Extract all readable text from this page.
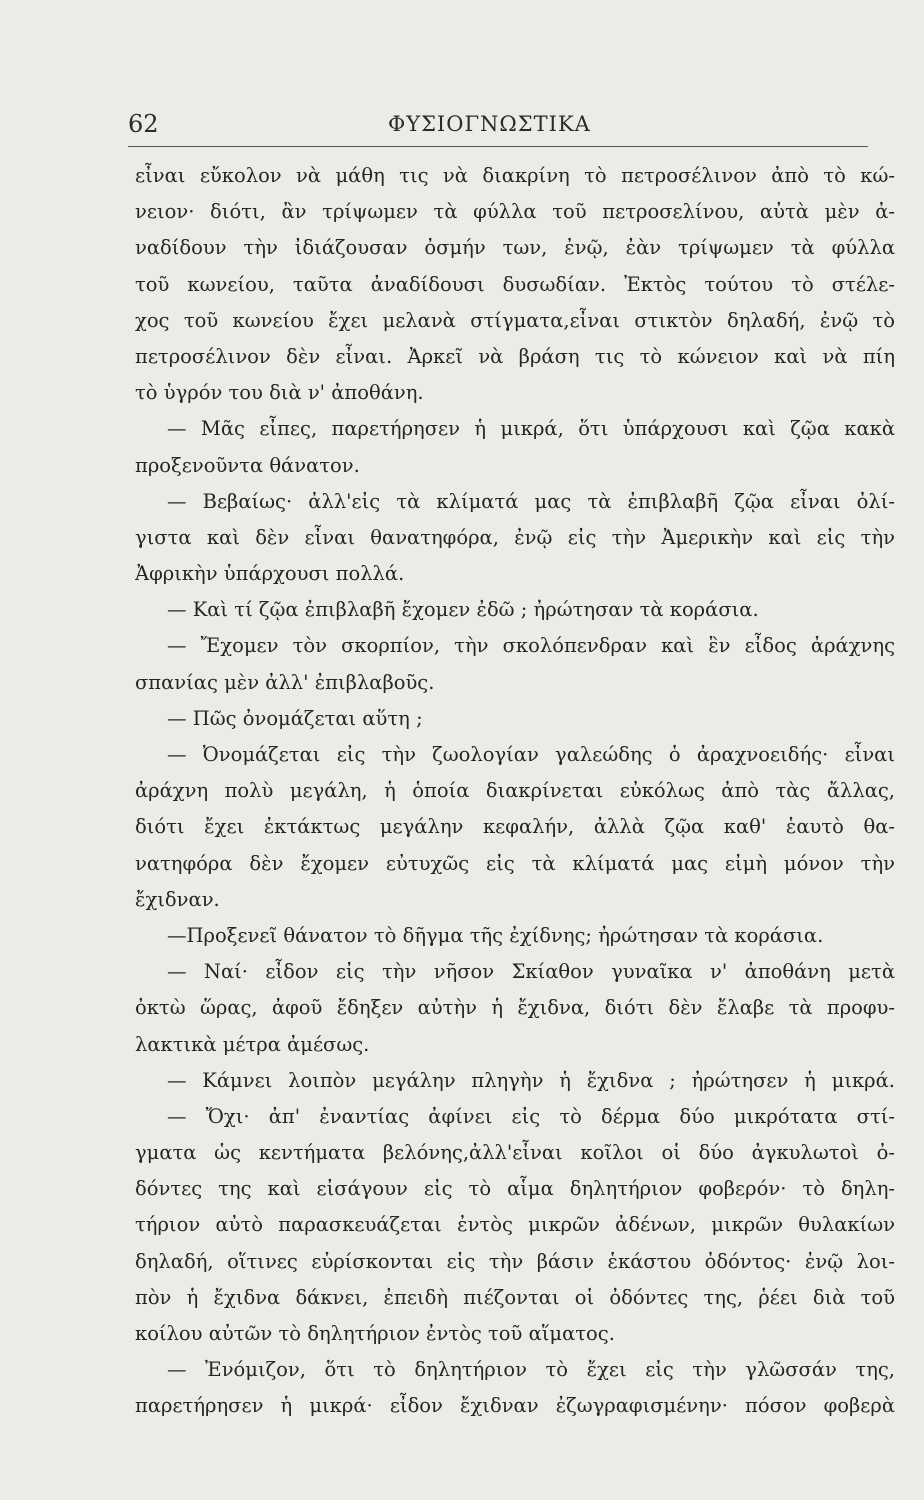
62	ΦΥΣΙΟΓΝΩΣΤΙΚΑ
εἶναι εὔκολον νὰ μάθη τις νὰ διακρίνη τὸ πετροσέλινον ἀπὸ τὸ κώ-
νειον· διότι, ἂν τρίψωμεν τὰ φύλλα τοῦ πετροσελίνου, αὐτὰ μὲν ἀ-
ναδίδουν τὴν ἰδιάζουσαν ὀσμήν των, ἐνῷ, ἐὰν τρίψωμεν τὰ φύλλα
τοῦ κωνείου, ταῦτα ἀναδίδουσι δυσωδίαν. Ἐκτὸς τούτου τὸ στέλε-
χος τοῦ κωνείου ἔχει μελανὰ στίγματα,εἶναι στικτὸν δηλαδή, ἐνῷ τὸ
πετροσέλινον δὲν εἶναι. Ἀρκεῖ νὰ βράση τις τὸ κώνειον καὶ νὰ πίη
τὸ ὑγρόν του διὰ ν' ἀποθάνη.
— Μᾶς εἶπες, παρετήρησεν ἡ μικρά, ὅτι ὑπάρχουσι καὶ ζῷα κακὰ
προξενοῦντα θάνατον.
— Βεβαίως· ἀλλ'εἰς τὰ κλίματά μας τὰ ἐπιβλαβῆ ζῷα εἶναι ὀλί-
γιστα καὶ δὲν εἶναι θανατηφόρα, ἐνῷ εἰς τὴν Ἀμερικὴν καὶ εἰς τὴν
Ἀφρικὴν ὑπάρχουσι πολλά.
— Καὶ τί ζῷα ἐπιβλαβῆ ἔχομεν ἐδῶ ; ἠρώτησαν τὰ κοράσια.
— Ἔχομεν τὸν σκορπίον, τὴν σκολόπενδραν καὶ ἓν εἶδος ἀράχνης
σπανίας μὲν ἀλλ' ἐπιβλαβοῦς.
— Πῶς ὀνομάζεται αὕτη ;
— Ὀνομάζεται εἰς τὴν ζωολογίαν γαλεώδης ὁ ἀραχνοειδής· εἶναι
ἀράχνη πολὺ μεγάλη, ἡ ὁποία διακρίνεται εὐκόλως ἀπὸ τὰς ἄλλας,
διότι ἔχει ἐκτάκτως μεγάλην κεφαλήν, ἀλλὰ ζῷα καθ' ἑαυτὸ θα-
νατηφόρα δὲν ἔχομεν εὐτυχῶς εἰς τὰ κλίματά μας εἰμὴ μόνον τὴν
ἔχιδναν.
—Προξενεῖ θάνατον τὸ δῆγμα τῆς ἐχίδνης; ἠρώτησαν τὰ κοράσια.
— Ναί· εἶδον εἰς τὴν νῆσον Σκίαθον γυναῖκα ν' ἀποθάνη μετὰ
ὀκτὼ ὥρας, ἀφοῦ ἔδηξεν αὐτὴν ἡ ἔχιδνα, διότι δὲν ἔλαβε τὰ προφυ-
λακτικὰ μέτρα ἀμέσως.
— Κάμνει λοιπὸν μεγάλην πληγὴν ἡ ἔχιδνα ; ἠρώτησεν ἡ μικρά.
— Ὄχι· ἀπ' ἐναντίας ἀφίνει εἰς τὸ δέρμα δύο μικρότατα στί-
γματα ὡς κεντήματα βελόνης,ἀλλ'εἶναι κοῖλοι οἱ δύο ἀγκυλωτοὶ ὀ-
δόντες της καὶ εἰσάγουν εἰς τὸ αἷμα δηλητήριον φοβερόν· τὸ δηλη-
τήριον αὐτὸ παρασκευάζεται ἐντὸς μικρῶν ἀδένων, μικρῶν θυλακίων
δηλαδή, οἵτινες εὑρίσκονται εἰς τὴν βάσιν ἑκάστου ὀδόντος· ἐνῷ λοι-
πὸν ἡ ἔχιδνα δάκνει, ἐπειδὴ πιέζονται οἱ ὀδόντες της, ῥέει διὰ τοῦ
κοίλου αὐτῶν τὸ δηλητήριον ἐντὸς τοῦ αἵματος.
— Ἐνόμιζον, ὅτι τὸ δηλητήριον τὸ ἔχει εἰς τὴν γλῶσσάν της,
παρετήρησεν ἡ μικρά· εἶδον ἔχιδναν ἐζωγραφισμένην· πόσον φοβερὰ
